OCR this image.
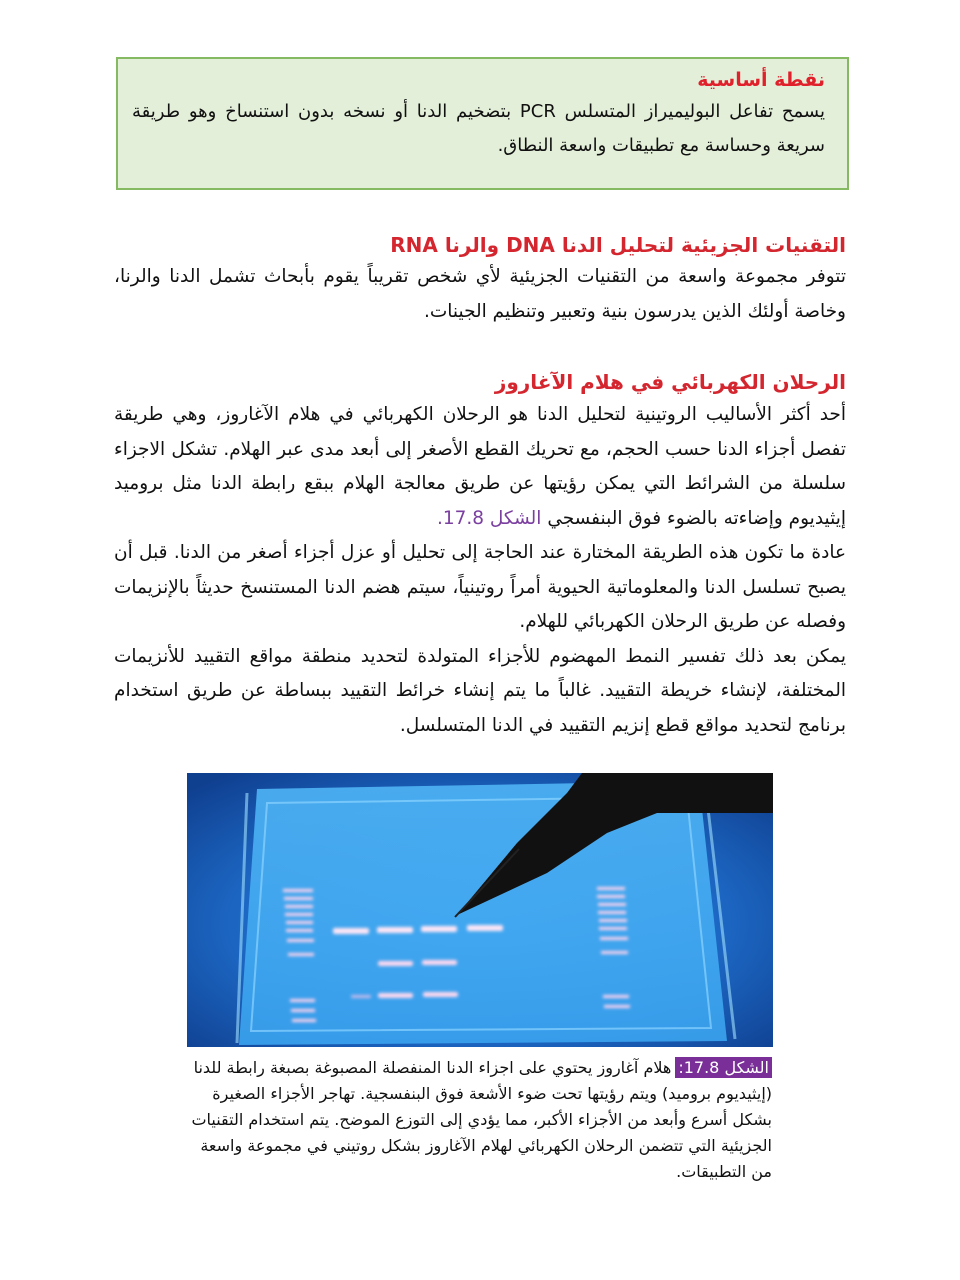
نقطة أساسية

يسمح تفاعل البوليميراز المتسلس PCR بتضخيم الدنا أو نسخه بدون استنساخ وهو طريقة سريعة وحساسة مع تطبيقات واسعة النطاق.

التقنيات الجزيئية لتحليل الدنا DNA والرنا RNA

تتوفر مجموعة واسعة من التقنيات الجزيئية لأي شخص تقريباً يقوم بأبحاث تشمل الدنا والرنا، وخاصة أولئك الذين يدرسون بنية وتعبير وتنظيم الجينات.

الرحلان الكهربائي في هلام الآغاروز

أحد أكثر الأساليب الروتينية لتحليل الدنا هو الرحلان الكهربائي في هلام الآغاروز، وهي طريقة تفصل أجزاء الدنا حسب الحجم، مع تحريك القطع الأصغر إلى أبعد مدى عبر الهلام. تشكل الاجزاء سلسلة من الشرائط التي يمكن رؤيتها عن طريق معالجة الهلام ببقع رابطة الدنا مثل بروميد إيثيديوم وإضاءته بالضوء فوق البنفسجي الشكل 17.8.

عادة ما تكون هذه الطريقة المختارة عند الحاجة إلى تحليل أو عزل أجزاء أصغر من الدنا. قبل أن يصبح تسلسل الدنا والمعلوماتية الحيوية أمراً روتينياً، سيتم هضم الدنا المستنسخ حديثاً بالإنزيمات وفصله عن طريق الرحلان الكهربائي للهلام.

يمكن بعد ذلك تفسير النمط المهضوم للأجزاء المتولدة لتحديد منطقة مواقع التقييد للأنزيمات المختلفة، لإنشاء خريطة التقييد. غالباً ما يتم إنشاء خرائط التقييد ببساطة عن طريق استخدام برنامج لتحديد مواقع قطع إنزيم التقييد في الدنا المتسلسل.

الشكل 17.8:هلام آغاروز يحتوي على اجزاء الدنا المنفصلة المصبوغة بصبغة رابطة للدنا (إيثيديوم بروميد) ويتم رؤيتها تحت ضوء الأشعة فوق البنفسجية. تهاجر الأجزاء الصغيرة بشكل أسرع وأبعد من الأجزاء الأكبر، مما يؤدي إلى التوزع الموضح. يتم استخدام التقنيات الجزيئية التي تتضمن الرحلان الكهربائي لهلام الآغاروز بشكل روتيني في مجموعة واسعة من التطبيقات.
